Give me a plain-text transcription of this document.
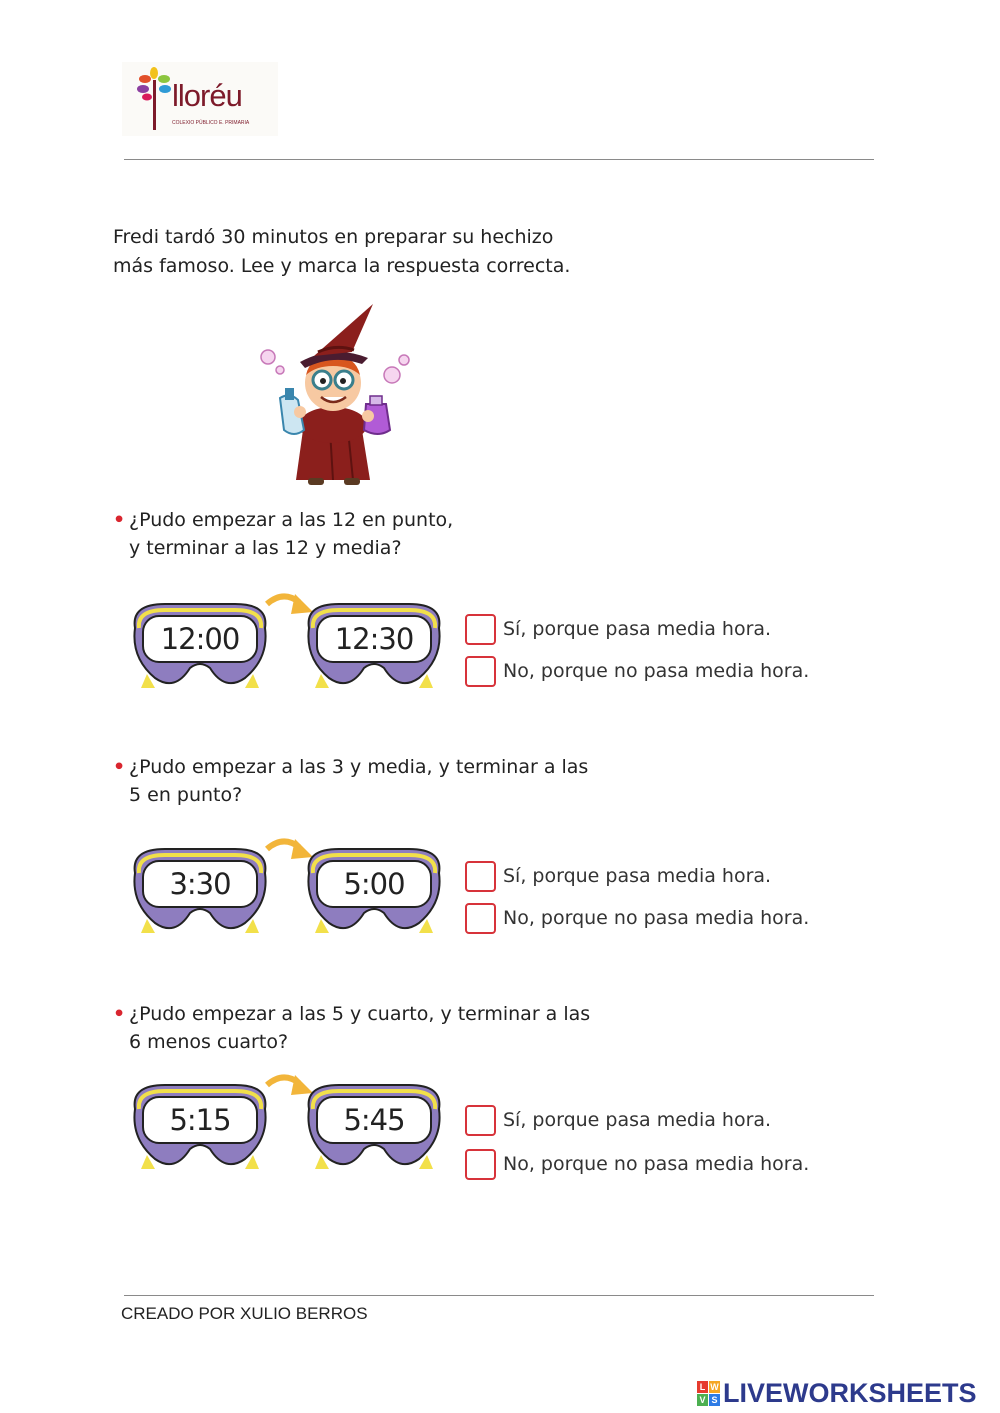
lloréu
COLEXIO PÚBLICO E. PRIMARIA
Fredi tardó 30 minutos en preparar su hechizo
más famoso. Lee y marca la respuesta correcta.
• ¿Pudo empezar a las 12 en punto,
y terminar a las 12 y media?
12:00	12:30	Sí, porque pasa media hora.
No, porque no pasa media hora.
• ¿Pudo empezar a las 3 y media, y terminar a las
5 en punto?
3:30	5:00	Sí, porque pasa media hora.
No, porque no pasa media hora.
• ¿Pudo empezar a las 5 y cuarto, y terminar a las
6 menos cuarto?
5:15	5:45	Sí, porque pasa media hora.
No, porque no pasa media hora.
CREADO POR XULIO BERROS
L W
V S LIVEWORKSHEETS
